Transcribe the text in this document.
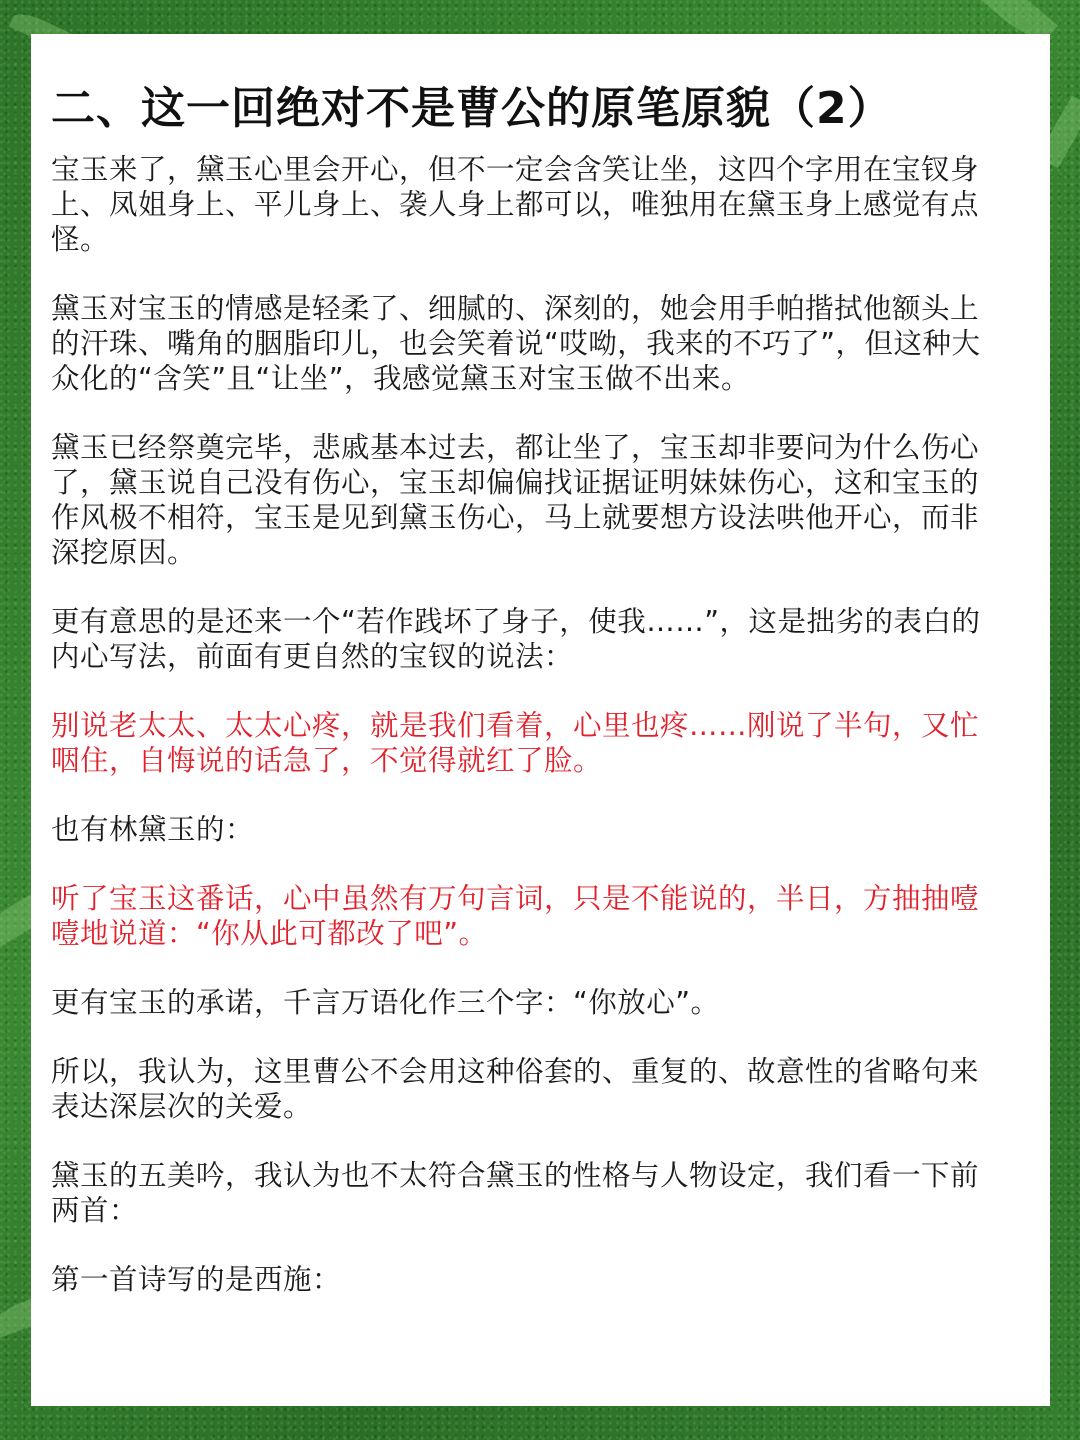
二、这一回绝对不是曹公的原笔原貌（2）

宝玉来了，黛玉心里会开心，但不一定会含笑让坐，这四个字用在宝钗身上、凤姐身上、平儿身上、袭人身上都可以，唯独用在黛玉身上感觉有点怪。

黛玉对宝玉的情感是轻柔了、细腻的、深刻的，她会用手帕揩拭他额头上的汗珠、嘴角的胭脂印儿，也会笑着说“哎呦，我来的不巧了”，但这种大众化的“含笑”且“让坐”，我感觉黛玉对宝玉做不出来。

黛玉已经祭奠完毕，悲戚基本过去，都让坐了，宝玉却非要问为什么伤心了，黛玉说自己没有伤心，宝玉却偏偏找证据证明妹妹伤心，这和宝玉的作风极不相符，宝玉是见到黛玉伤心，马上就要想方设法哄他开心，而非深挖原因。

更有意思的是还来一个“若作践坏了身子，使我……”，这是拙劣的表白的内心写法，前面有更自然的宝钗的说法：

别说老太太、太太心疼，就是我们看着，心里也疼……刚说了半句，又忙咽住，自悔说的话急了，不觉得就红了脸。

也有林黛玉的：

听了宝玉这番话，心中虽然有万句言词，只是不能说的，半日，方抽抽噎噎地说道：“你从此可都改了吧”。

更有宝玉的承诺，千言万语化作三个字：“你放心”。

所以，我认为，这里曹公不会用这种俗套的、重复的、故意性的省略句来表达深层次的关爱。

黛玉的五美吟，我认为也不太符合黛玉的性格与人物设定，我们看一下前两首：

第一首诗写的是西施：
